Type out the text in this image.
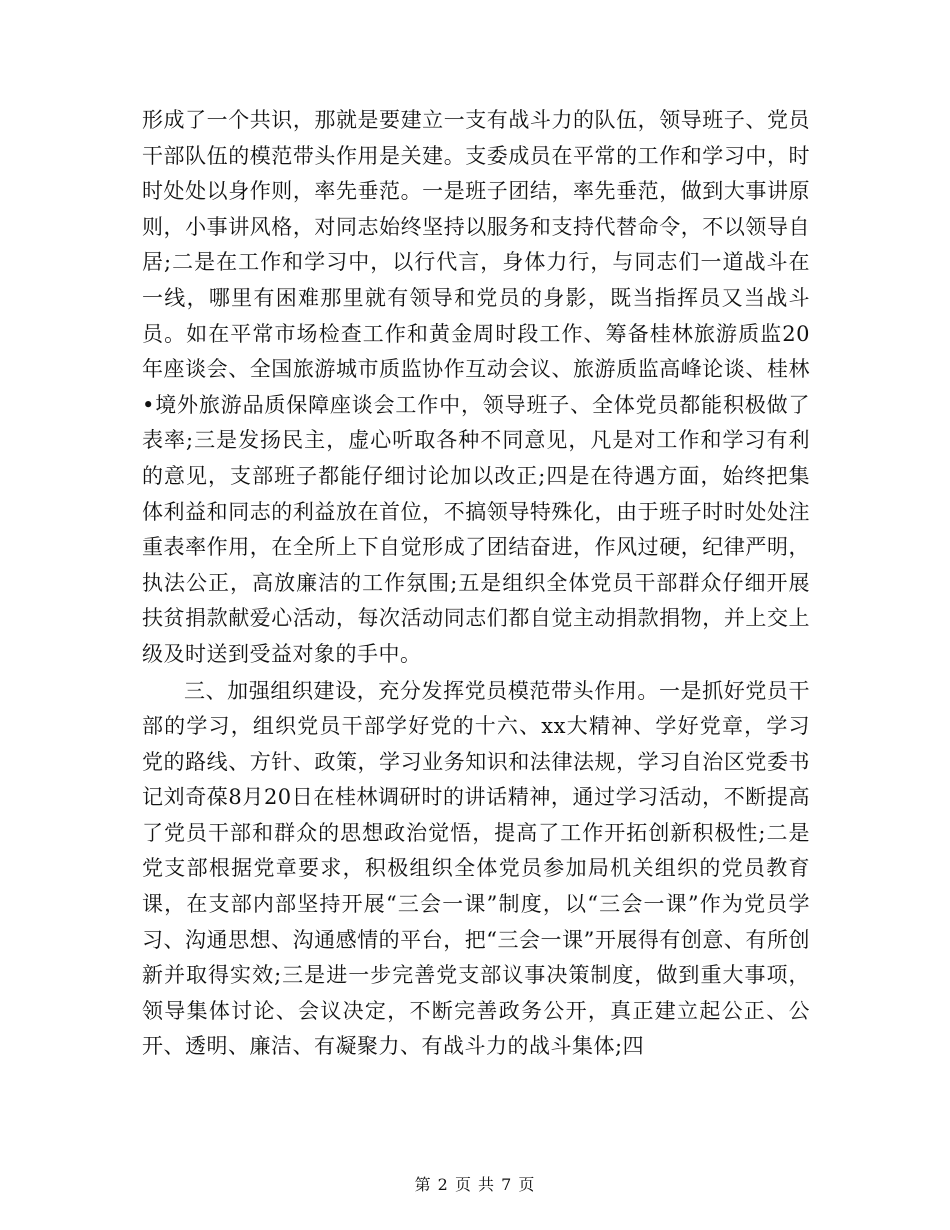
形成了一个共识，那就是要建立一支有战斗力的队伍，领导班子、党员干部队伍的模范带头作用是关建。支委成员在平常的工作和学习中，时时处处以身作则，率先垂范。一是班子团结，率先垂范，做到大事讲原则，小事讲风格，对同志始终坚持以服务和支持代替命令，不以领导自居;二是在工作和学习中，以行代言，身体力行，与同志们一道战斗在一线，哪里有困难那里就有领导和党员的身影，既当指挥员又当战斗员。如在平常市场检查工作和黄金周时段工作、筹备桂林旅游质监20年座谈会、全国旅游城市质监协作互动会议、旅游质监高峰论谈、桂林•境外旅游品质保障座谈会工作中，领导班子、全体党员都能积极做了表率;三是发扬民主，虚心听取各种不同意见，凡是对工作和学习有利的意见，支部班子都能仔细讨论加以改正;四是在待遇方面，始终把集体利益和同志的利益放在首位，不搞领导特殊化，由于班子时时处处注重表率作用，在全所上下自觉形成了团结奋进，作风过硬，纪律严明，执法公正，高放廉洁的工作氛围;五是组织全体党员干部群众仔细开展扶贫捐款献爱心活动，每次活动同志们都自觉主动捐款捐物，并上交上级及时送到受益对象的手中。

三、加强组织建设，充分发挥党员模范带头作用。一是抓好党员干部的学习，组织党员干部学好党的十六、xx大精神、学好党章，学习党的路线、方针、政策，学习业务知识和法律法规，学习自治区党委书记刘奇葆8月20日在桂林调研时的讲话精神，通过学习活动，不断提高了党员干部和群众的思想政治觉悟，提高了工作开拓创新积极性;二是党支部根据党章要求，积极组织全体党员参加局机关组织的党员教育课，在支部内部坚持开展“三会一课”制度，以“三会一课”作为党员学习、沟通思想、沟通感情的平台，把“三会一课”开展得有创意、有所创新并取得实效;三是进一步完善党支部议事决策制度，做到重大事项，领导集体讨论、会议决定，不断完善政务公开，真正建立起公正、公开、透明、廉洁、有凝聚力、有战斗力的战斗集体;四

第 2 页 共 7 页
